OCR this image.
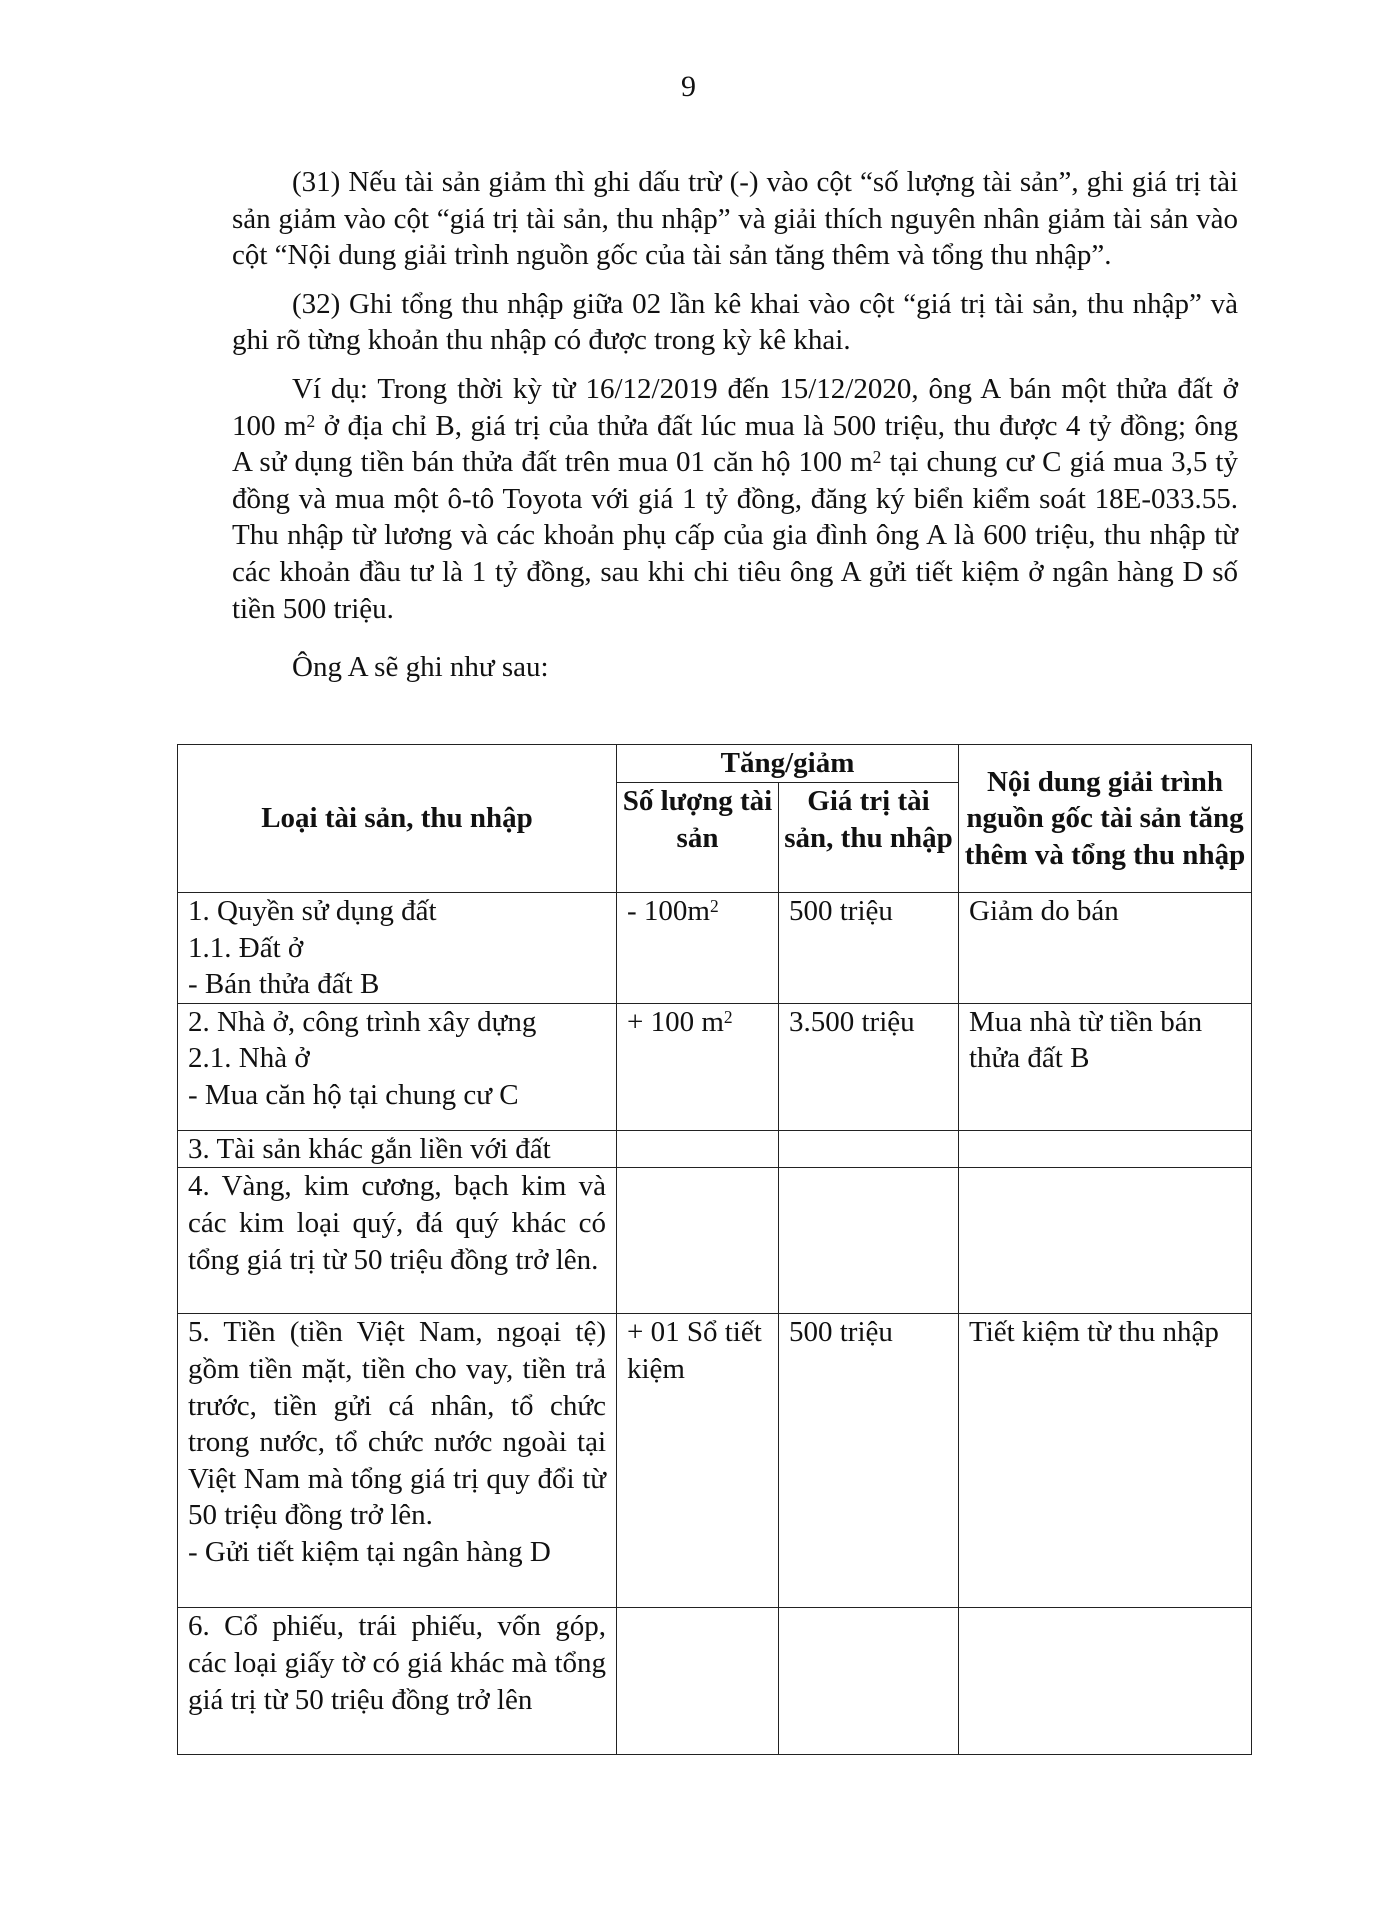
9

(31) Nếu tài sản giảm thì ghi dấu trừ (-) vào cột “số lượng tài sản”, ghi giá trị tài sản giảm vào cột “giá trị tài sản, thu nhập” và giải thích nguyên nhân giảm tài sản vào cột “Nội dung giải trình nguồn gốc của tài sản tăng thêm và tổng thu nhập”.

(32) Ghi tổng thu nhập giữa 02 lần kê khai vào cột “giá trị tài sản, thu nhập” và ghi rõ từng khoản thu nhập có được trong kỳ kê khai.

Ví dụ: Trong thời kỳ từ 16/12/2019 đến 15/12/2020, ông A bán một thửa đất ở 100 $m^2$ ở địa chỉ B, giá trị của thửa đất lúc mua là 500 triệu, thu được 4 tỷ đồng; ông A sử dụng tiền bán thửa đất trên mua 01 căn hộ 100 $m^2$ tại chung cư C giá mua 3,5 tỷ đồng và mua một ô-tô Toyota với giá 1 tỷ đồng, đăng ký biển kiểm soát 18E-033.55. Thu nhập từ lương và các khoản phụ cấp của gia đình ông A là 600 triệu, thu nhập từ các khoản đầu tư là 1 tỷ đồng, sau khi chi tiêu ông A gửi tiết kiệm ở ngân hàng D số tiền 500 triệu.

Ông A sẽ ghi như sau:

Loại tài sản, thu nhập	Tăng/giảm		Nội dung giải trình nguồn gốc tài sản tăng thêm và tổng thu nhập
	Số lượng tài sản	Giá trị tài sản, thu nhập	

1. Quyền sử dụng đất
1.1. Đất ở
- Bán thửa đất B	- $100m^2$	500 triệu	Giảm do bán

2. Nhà ở, công trình xây dựng
2.1. Nhà ở
- Mua căn hộ tại chung cư C	+ 100 $m^2$	3.500 triệu	Mua nhà từ tiền bán thửa đất B

3. Tài sản khác gắn liền với đất			

4. Vàng, kim cương, bạch kim và các kim loại quý, đá quý khác có tổng giá trị từ 50 triệu đồng trở lên.			

5. Tiền (tiền Việt Nam, ngoại tệ) gồm tiền mặt, tiền cho vay, tiền trả trước, tiền gửi cá nhân, tổ chức trong nước, tổ chức nước ngoài tại Việt Nam mà tổng giá trị quy đổi từ 50 triệu đồng trở lên.
- Gửi tiết kiệm tại ngân hàng D	+ 01 Sổ tiết kiệm	500 triệu	Tiết kiệm từ thu nhập
6. Cổ phiếu, trái phiếu, vốn góp, các loại giấy tờ có giá khác mà tổng giá trị từ 50 triệu đồng trở lên			
